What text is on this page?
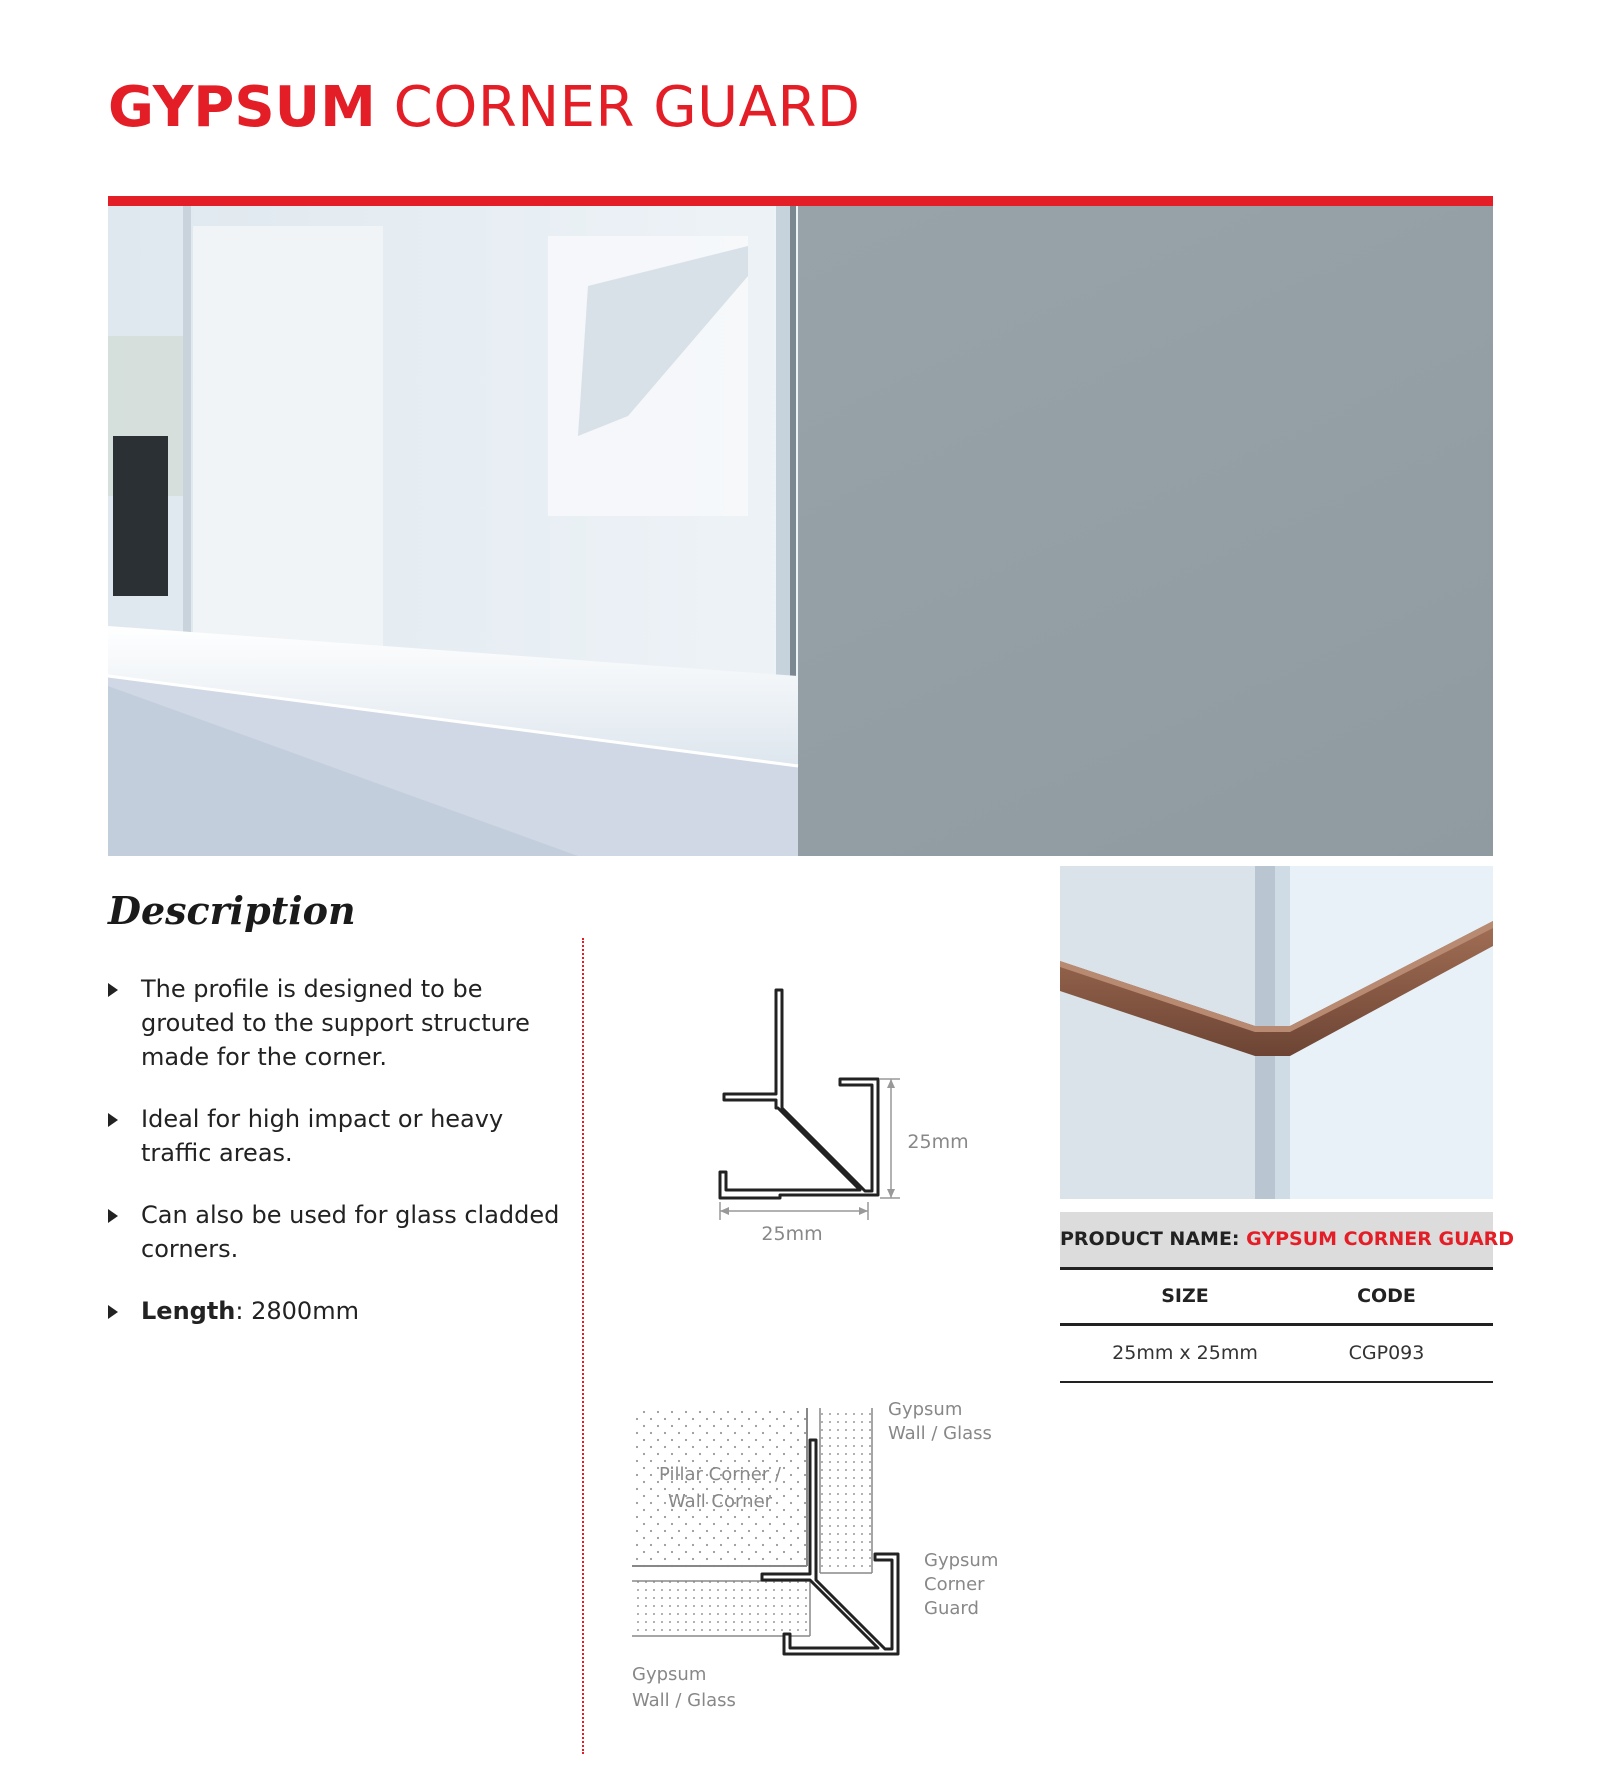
GYPSUM CORNER GUARD
Description
The profile is designed to be grouted to the support structure made for the corner.
Ideal for high impact or heavy traffic areas.
Can also be used for glass cladded corners.
Length: 2800mm
25mm
25mm
Pillar Corner /
Wall Corner
Gypsum
Wall / Glass
Gypsum
Corner
Guard
Gypsum
Wall / Glass
PRODUCT NAME: GYPSUM CORNER GUARD
SIZE	CODE
25mm x 25mm	CGP093
